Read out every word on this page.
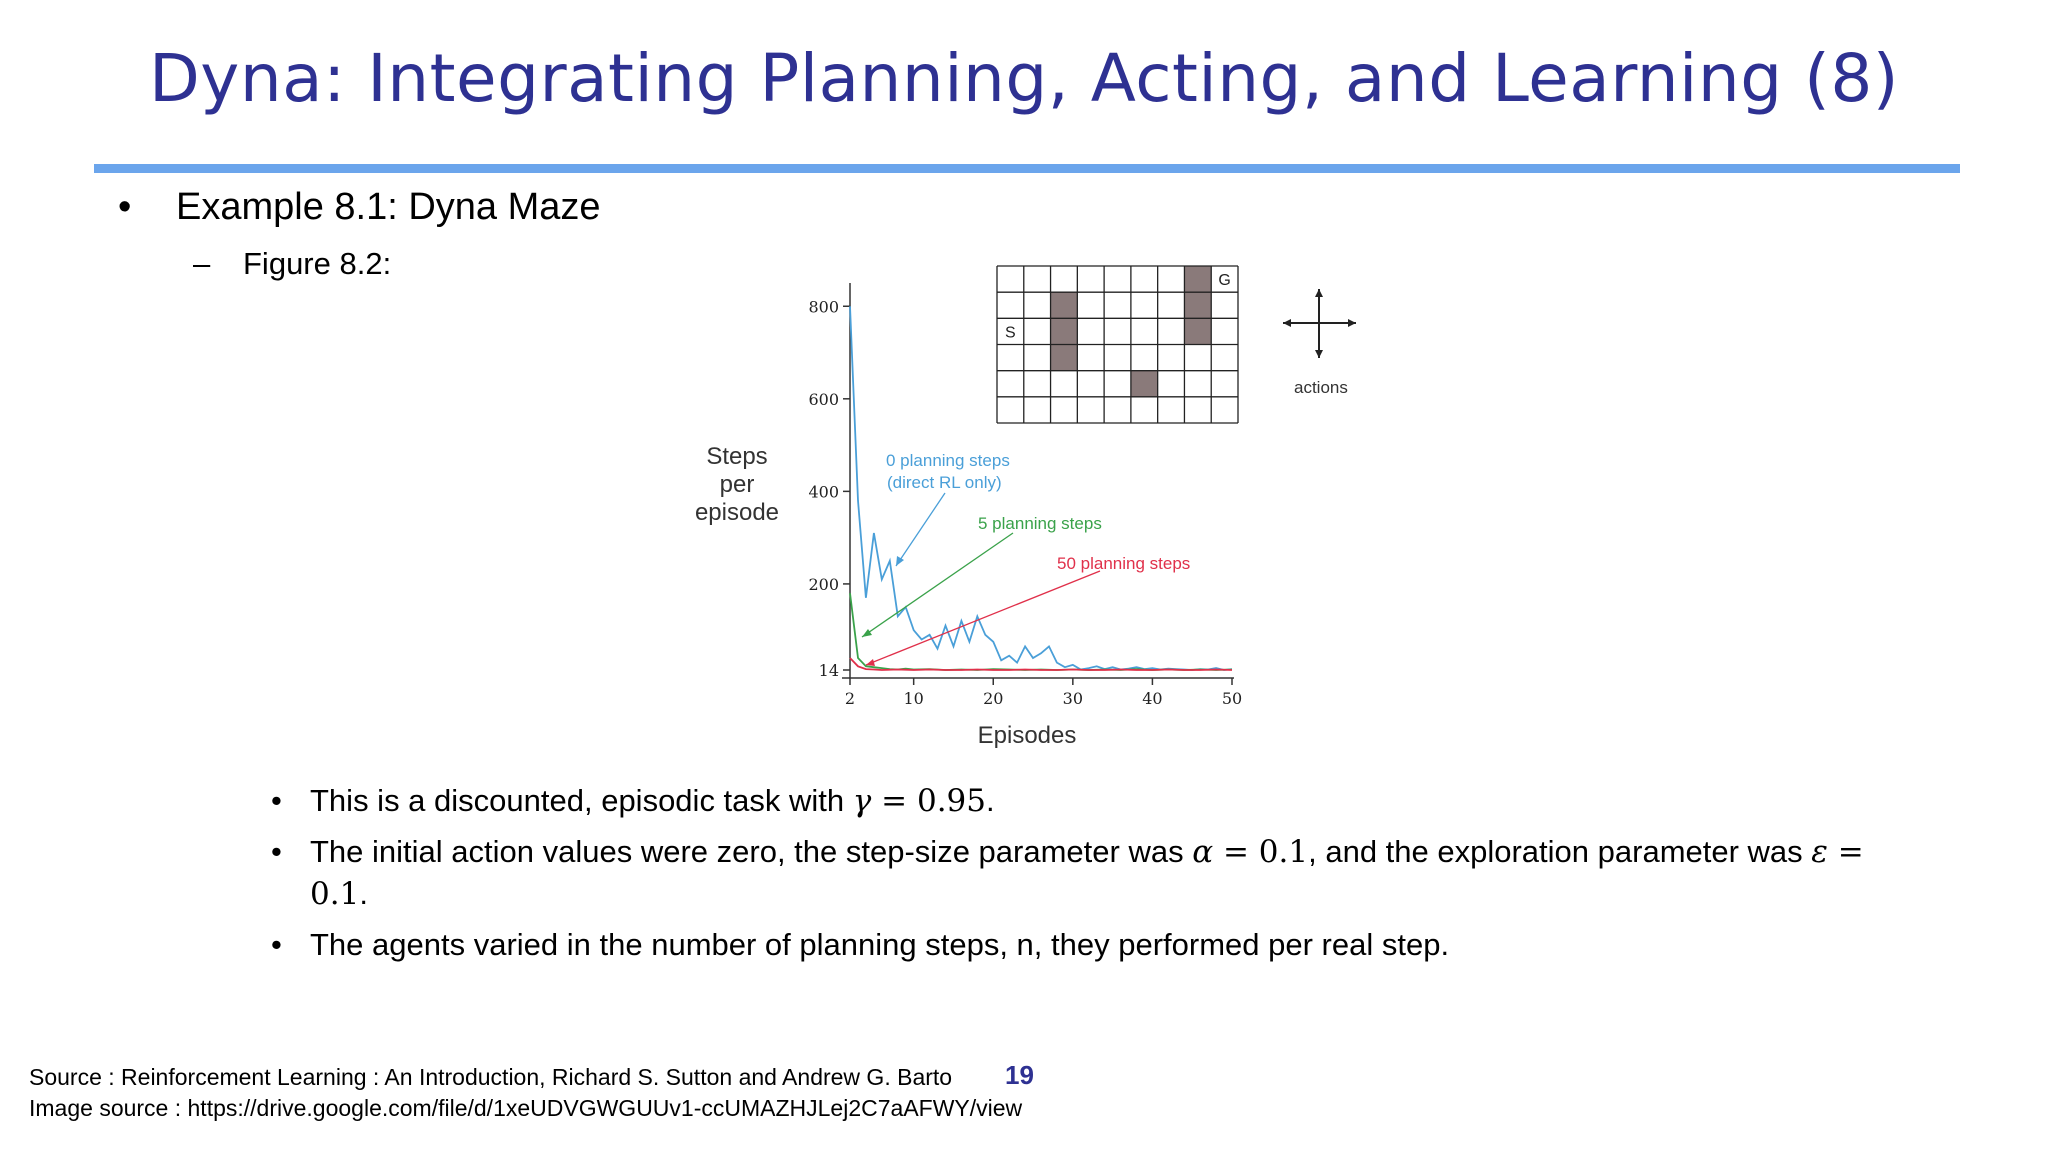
Dyna: Integrating Planning, Acting, and Learning (8)
• Example 8.1: Dyna Maze
– Figure 8.2:
14
200
400
600
800
2	10	20	30	40	50
Episodes
Steps
per
episode
0 planning steps
(direct RL only)
5 planning steps
50 planning steps
S
G
actions
• This is a discounted, episodic task with γ = 0.95.
• The initial action values were zero, the step-size parameter was α = 0.1, and the exploration parameter was ε = 0.1.
• The agents varied in the number of planning steps, n, they performed per real step.
Source : Reinforcement Learning : An Introduction, Richard S. Sutton and Andrew G. Barto
Image source : https://drive.google.com/file/d/1xeUDVGWGUUv1-ccUMAZHJLej2C7aAFWY/view
19
